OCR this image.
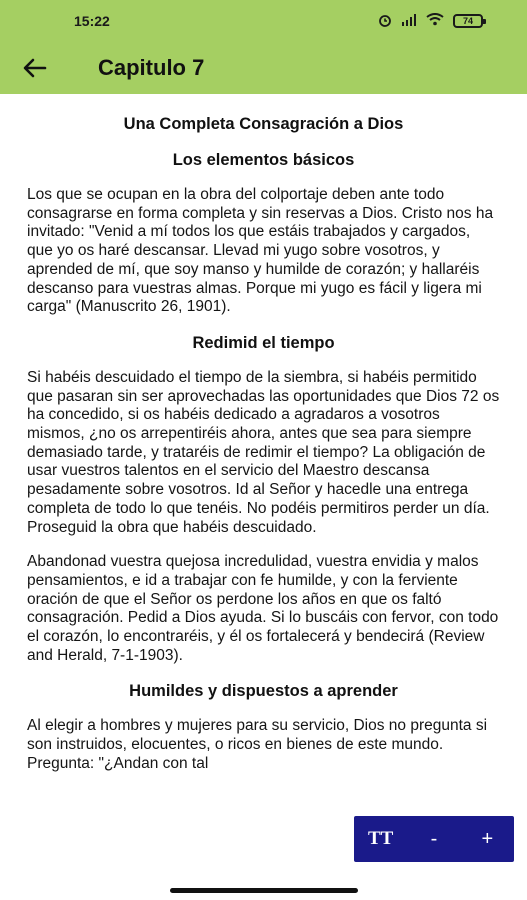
15:22	74
Capitulo 7
Una Completa Consagración a Dios
Los elementos básicos

Los que se ocupan en la obra del colportaje deben ante todo consagrarse en forma completa y sin reservas a Dios. Cristo nos ha invitado: "Venid a mí todos los que estáis trabajados y cargados, que yo os haré descansar. Llevad mi yugo sobre vosotros, y aprended de mí, que soy manso y humilde de corazón; y hallaréis descanso para vuestras almas. Porque mi yugo es fácil y ligera mi carga" (Manuscrito 26, 1901).

Redimid el tiempo

Si habéis descuidado el tiempo de la siembra, si habéis permitido que pasaran sin ser aprovechadas las oportunidades que Dios 72 os ha concedido, si os habéis dedicado a agradaros a vosotros mismos, ¿no os arrepentiréis ahora, antes que sea para siempre demasiado tarde, y trataréis de redimir el tiempo? La obligación de usar vuestros talentos en el servicio del Maestro descansa pesadamente sobre vosotros. Id al Señor y hacedle una entrega completa de todo lo que tenéis. No podéis permitiros perder un día. Proseguid la obra que habéis descuidado.

Abandonad vuestra quejosa incredulidad, vuestra envidia y malos pensamientos, e id a trabajar con fe humilde, y con la ferviente oración de que el Señor os perdone los años en que os faltó consagración. Pedid a Dios ayuda. Si lo buscáis con fervor, con todo el corazón, lo encontraréis, y él os fortalecerá y bendecirá (Review and Herald, 7-1-1903).

Humildes y dispuestos a aprender

Al elegir a hombres y mujeres para su servicio, Dios no pregunta si son instruidos, elocuentes, o ricos en bienes de este mundo. Pregunta: "¿Andan con tal

TT	-	+
